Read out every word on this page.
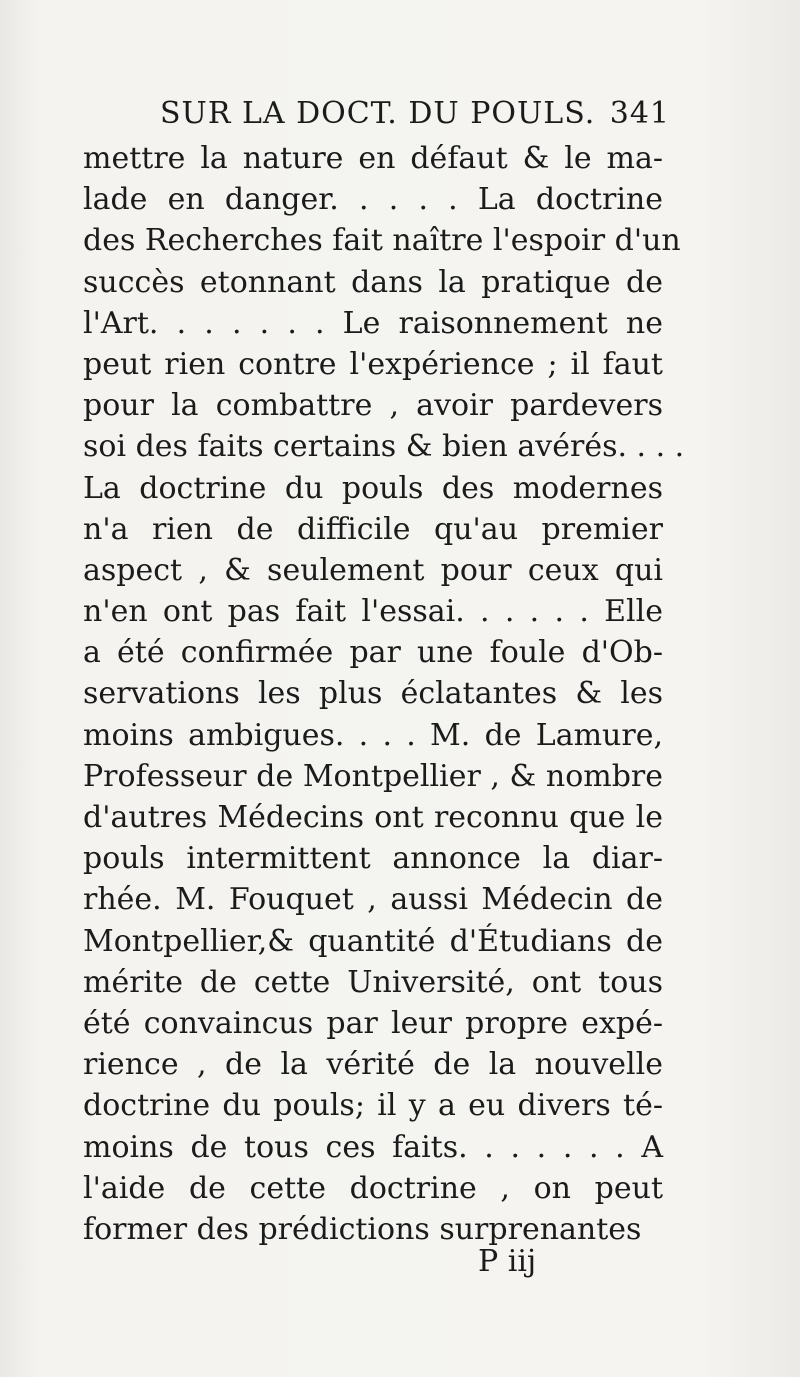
SUR LA DOCT. DU POULS. 341
mettre la nature en défaut & le ma-
lade en danger. . . . . La doctrine
des Recherches fait naître l'espoir d'un
succès etonnant dans la pratique de
l'Art. . . . . . . Le raisonnement ne
peut rien contre l'expérience ; il faut
pour la combattre , avoir pardevers
soi des faits certains & bien avérés. . . .
La doctrine du pouls des modernes
n'a rien de difficile qu'au premier
aspect , & seulement pour ceux qui
n'en ont pas fait l'essai. . . . . . Elle
a été confirmée par une foule d'Ob-
servations les plus éclatantes & les
moins ambigues. . . . M. de Lamure,
Professeur de Montpellier , & nombre
d'autres Médecins ont reconnu que le
pouls intermittent annonce la diar-
rhée. M. Fouquet , aussi Médecin de
Montpellier,& quantité d'Étudians de
mérite de cette Université, ont tous
été convaincus par leur propre expé-
rience , de la vérité de la nouvelle
doctrine du pouls; il y a eu divers té-
moins de tous ces faits. . . . . . . A
l'aide de cette doctrine , on peut
former des prédictions surprenantes
P iij
